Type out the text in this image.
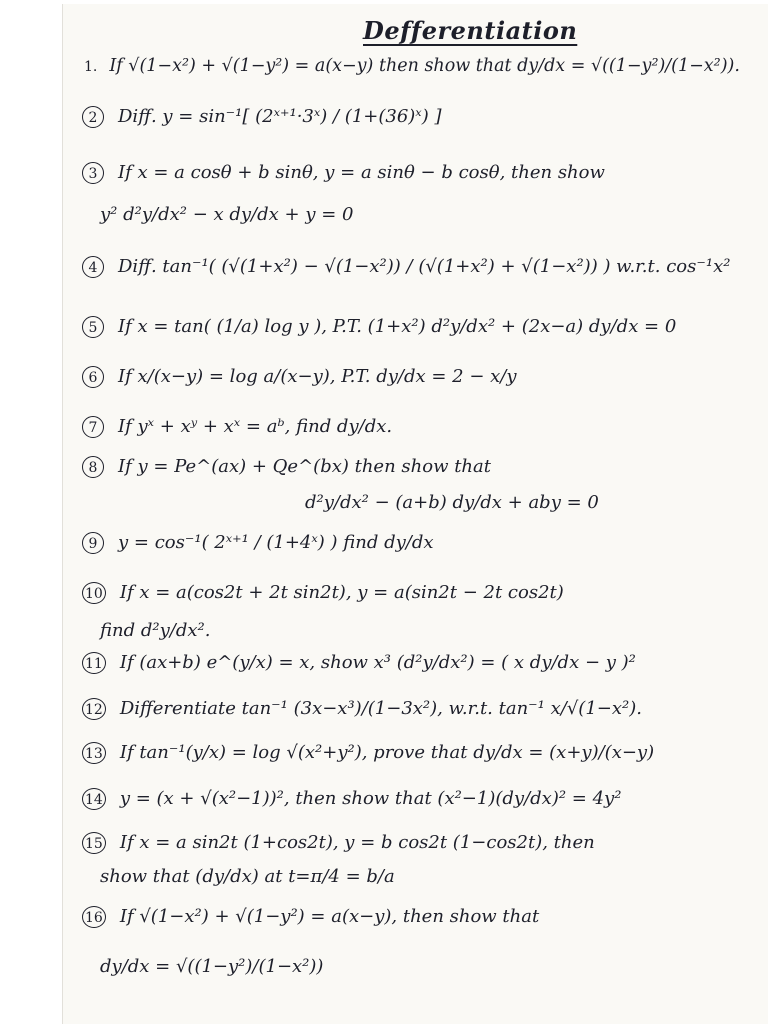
Defferentiation
1. If √(1−x²) + √(1−y²) = a(x−y) then show that dy/dx = √((1−y²)/(1−x²)).
2 Diff. y = sin⁻¹[ (2ˣ⁺¹·3ˣ) / (1+(36)ˣ) ]
3 If x = a cosθ + b sinθ, y = a sinθ − b cosθ, then show
y² d²y/dx² − x dy/dx + y = 0
4 Diff. tan⁻¹( (√(1+x²) − √(1−x²)) / (√(1+x²) + √(1−x²)) ) w.r.t. cos⁻¹x²
5 If x = tan( (1/a) log y ), P.T. (1+x²) d²y/dx² + (2x−a) dy/dx = 0
6 If x/(x−y) = log a/(x−y), P.T. dy/dx = 2 − x/y
7 If yˣ + xʸ + xˣ = aᵇ, find dy/dx.
8 If y = Pe^(ax) + Qe^(bx) then show that
d²y/dx² − (a+b) dy/dx + aby = 0
9 y = cos⁻¹( 2ˣ⁺¹ / (1+4ˣ) ) find dy/dx
10 If x = a(cos2t + 2t sin2t), y = a(sin2t − 2t cos2t)
find d²y/dx².
11 If (ax+b) e^(y/x) = x, show x³ (d²y/dx²) = ( x dy/dx − y )²
12 Differentiate tan⁻¹ (3x−x³)/(1−3x²), w.r.t. tan⁻¹ x/√(1−x²).
13 If tan⁻¹(y/x) = log √(x²+y²), prove that dy/dx = (x+y)/(x−y)
14 y = (x + √(x²−1))², then show that (x²−1)(dy/dx)² = 4y²
15 If x = a sin2t (1+cos2t), y = b cos2t (1−cos2t), then
show that (dy/dx) at t=π/4 = b/a
16 If √(1−x²) + √(1−y²) = a(x−y), then show that
dy/dx = √((1−y²)/(1−x²))
